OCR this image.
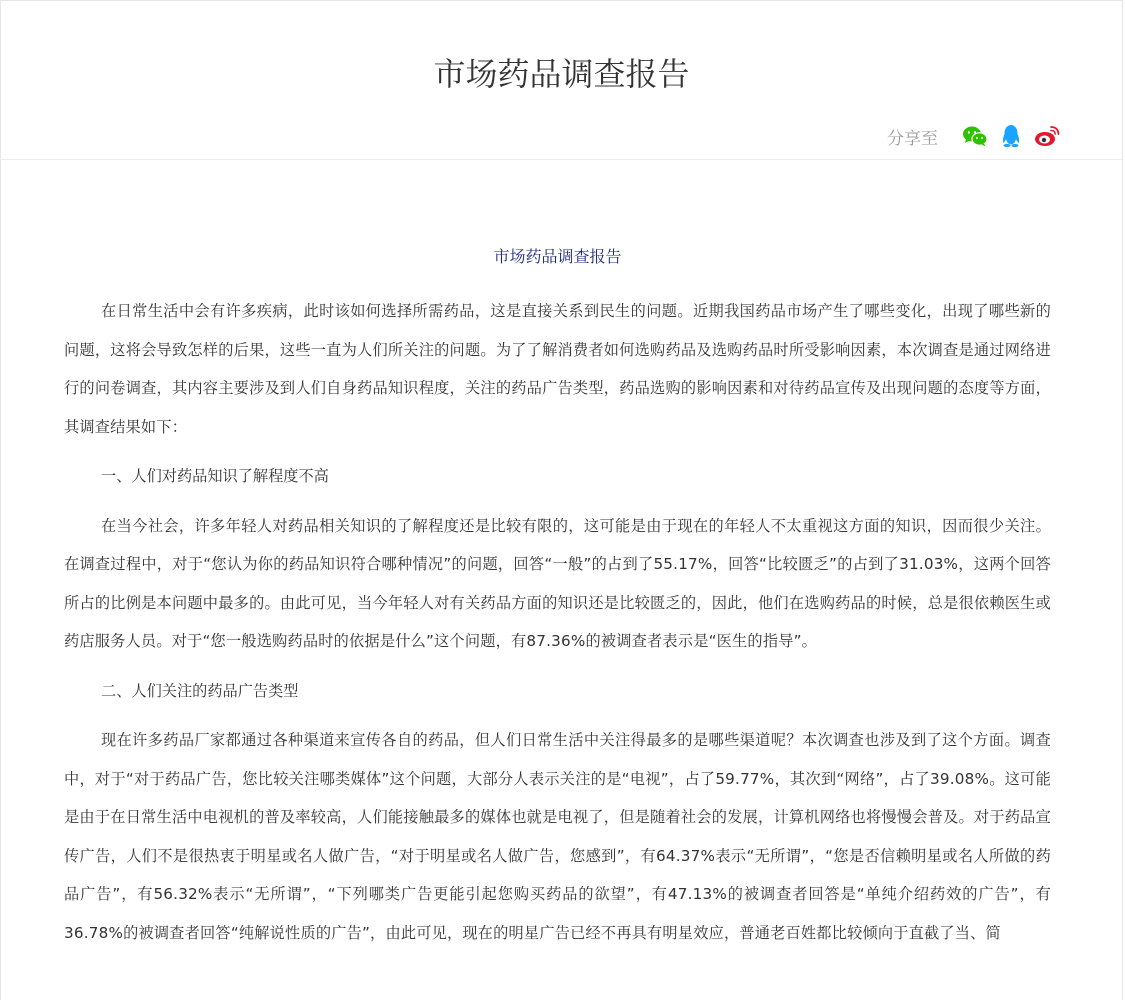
市场药品调查报告
分享至
市场药品调查报告

在日常生活中会有许多疾病，此时该如何选择所需药品，这是直接关系到民生的问题。近期我国药品市场产生了哪些变化，出现了哪些新的问题，这将会导致怎样的后果，这些一直为人们所关注的问题。为了了解消费者如何选购药品及选购药品时所受影响因素，本次调查是通过网络进行的问卷调查，其内容主要涉及到人们自身药品知识程度，关注的药品广告类型，药品选购的影响因素和对待药品宣传及出现问题的态度等方面，其调查结果如下：

一、人们对药品知识了解程度不高

在当今社会，许多年轻人对药品相关知识的了解程度还是比较有限的，这可能是由于现在的年轻人不太重视这方面的知识，因而很少关注。在调查过程中，对于“您认为你的药品知识符合哪种情况”的问题，回答“一般”的占到了55.17%，回答“比较匮乏”的占到了31.03%，这两个回答所占的比例是本问题中最多的。由此可见，当今年轻人对有关药品方面的知识还是比较匮乏的，因此，他们在选购药品的时候，总是很依赖医生或药店服务人员。对于“您一般选购药品时的依据是什么”这个问题，有87.36%的被调查者表示是“医生的指导”。

二、人们关注的药品广告类型

现在许多药品厂家都通过各种渠道来宣传各自的药品，但人们日常生活中关注得最多的是哪些渠道呢？本次调查也涉及到了这个方面。调查中，对于“对于药品广告，您比较关注哪类媒体”这个问题，大部分人表示关注的是“电视”，占了59.77%，其次到“网络”，占了39.08%。这可能是由于在日常生活中电视机的普及率较高，人们能接触最多的媒体也就是电视了，但是随着社会的发展，计算机网络也将慢慢会普及。对于药品宣传广告，人们不是很热衷于明星或名人做广告，“对于明星或名人做广告，您感到”，有64.37%表示“无所谓”，“您是否信赖明星或名人所做的药品广告”，有56.32%表示“无所谓”，“下列哪类广告更能引起您购买药品的欲望”，有47.13%的被调查者回答是“单纯介绍药效的广告”，有36.78%的被调查者回答“纯解说性质的广告”，由此可见，现在的明星广告已经不再具有明星效应，普通老百姓都比较倾向于直截了当、简
